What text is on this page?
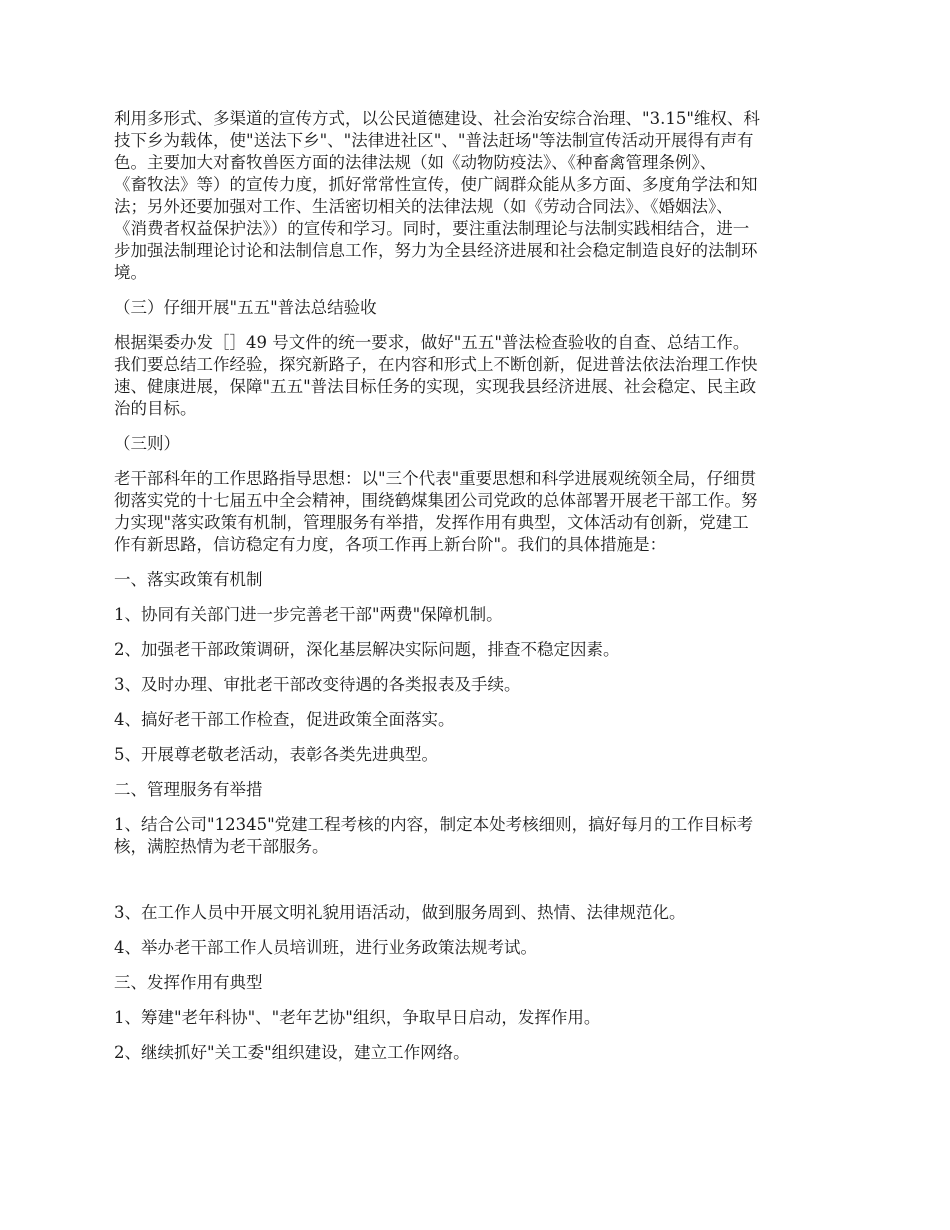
利用多形式、多渠道的宣传方式，以公民道德建设、社会治安综合治理、"3.15"维权、科
技下乡为载体，使"送法下乡"、"法律进社区"、"普法赶场"等法制宣传活动开展得有声有
色。主要加大对畜牧兽医方面的法律法规（如《动物防疫法》、《种畜禽管理条例》、
《畜牧法》等）的宣传力度，抓好常常性宣传，使广阔群众能从多方面、多度角学法和知
法；另外还要加强对工作、生活密切相关的法律法规（如《劳动合同法》、《婚姻法》、
《消费者权益保护法》）的宣传和学习。同时，要注重法制理论与法制实践相结合，进一
步加强法制理论讨论和法制信息工作，努力为全县经济进展和社会稳定制造良好的法制环
境。
（三）仔细开展"五五"普法总结验收
根据渠委办发［］49 号文件的统一要求，做好"五五"普法检查验收的自查、总结工作。
我们要总结工作经验，探究新路子，在内容和形式上不断创新，促进普法依法治理工作快
速、健康进展，保障"五五"普法目标任务的实现，实现我县经济进展、社会稳定、民主政
治的目标。
（三则）
老干部科年的工作思路指导思想：以"三个代表"重要思想和科学进展观统领全局，仔细贯
彻落实党的十七届五中全会精神，围绕鹤煤集团公司党政的总体部署开展老干部工作。努
力实现"落实政策有机制，管理服务有举措，发挥作用有典型，文体活动有创新，党建工
作有新思路，信访稳定有力度，各项工作再上新台阶"。我们的具体措施是：
一、落实政策有机制
1、协同有关部门进一步完善老干部"两费"保障机制。
2、加强老干部政策调研，深化基层解决实际问题，排查不稳定因素。
3、及时办理、审批老干部改变待遇的各类报表及手续。
4、搞好老干部工作检查，促进政策全面落实。
5、开展尊老敬老活动，表彰各类先进典型。
二、管理服务有举措
1、结合公司"12345"党建工程考核的内容，制定本处考核细则，搞好每月的工作目标考
核，满腔热情为老干部服务。
3、在工作人员中开展文明礼貌用语活动，做到服务周到、热情、法律规范化。
4、举办老干部工作人员培训班，进行业务政策法规考试。
三、发挥作用有典型
1、筹建"老年科协"、"老年艺协"组织，争取早日启动，发挥作用。
2、继续抓好"关工委"组织建设，建立工作网络。
